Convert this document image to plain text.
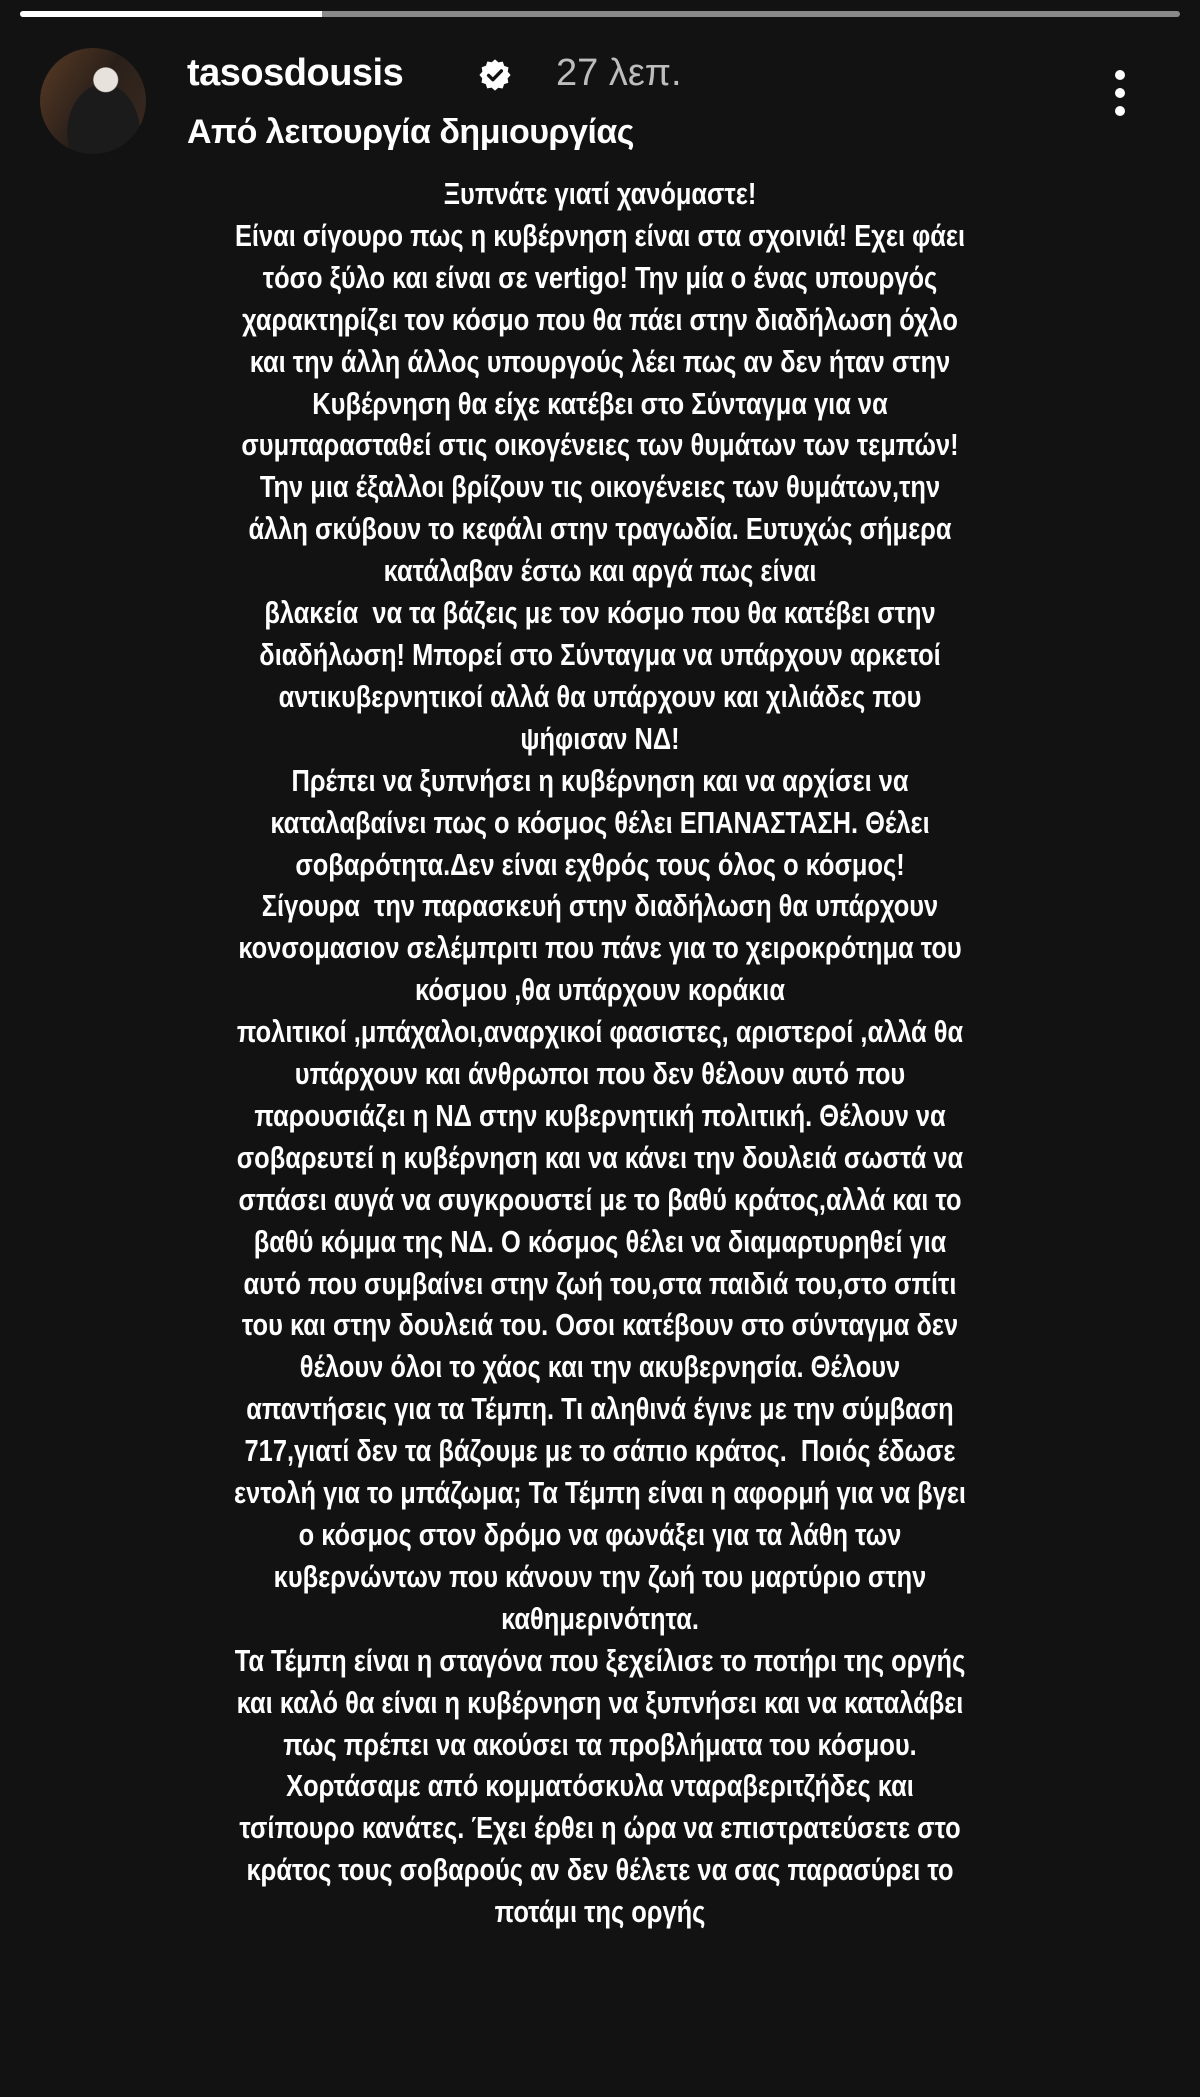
tasosdousis	27 λεπ.
Από λειτουργία δημιουργίας
Ξυπνάτε γιατί χανόμαστε!
Είναι σίγουρο πως η κυβέρνηση είναι στα σχοινιά! Εχει φάει
τόσο ξύλο και είναι σε vertigo! Την μία ο ένας υπουργός
χαρακτηρίζει τον κόσμο που θα πάει στην διαδήλωση όχλο
και την άλλη άλλος υπουργούς λέει πως αν δεν ήταν στην
Κυβέρνηση θα είχε κατέβει στο Σύνταγμα για να
συμπαρασταθεί στις οικογένειες των θυμάτων των τεμπών!
Την μια έξαλλοι βρίζουν τις οικογένειες των θυμάτων,την
άλλη σκύβουν το κεφάλι στην τραγωδία. Ευτυχώς σήμερα
κατάλαβαν έστω και αργά πως είναι
βλακεία  να τα βάζεις με τον κόσμο που θα κατέβει στην
διαδήλωση! Μπορεί στο Σύνταγμα να υπάρχουν αρκετοί
αντικυβερνητικοί αλλά θα υπάρχουν και χιλιάδες που
ψήφισαν ΝΔ!
Πρέπει να ξυπνήσει η κυβέρνηση και να αρχίσει να
καταλαβαίνει πως ο κόσμος θέλει ΕΠΑΝΑΣΤΑΣΗ. Θέλει
σοβαρότητα.Δεν είναι εχθρός τους όλος ο κόσμος!
Σίγουρα  την παρασκευή στην διαδήλωση θα υπάρχουν
κονσομασιον σελέμπριτι που πάνε για το χειροκρότημα του
κόσμου ,θα υπάρχουν κοράκια
πολιτικοί ,μπάχαλοι,αναρχικοί φασιστες, αριστεροί ,αλλά θα
υπάρχουν και άνθρωποι που δεν θέλουν αυτό που
παρουσιάζει η ΝΔ στην κυβερνητική πολιτική. Θέλουν να
σοβαρευτεί η κυβέρνηση και να κάνει την δουλειά σωστά να
σπάσει αυγά να συγκρουστεί με το βαθύ κράτος,αλλά και το
βαθύ κόμμα της ΝΔ. Ο κόσμος θέλει να διαμαρτυρηθεί για
αυτό που συμβαίνει στην ζωή του,στα παιδιά του,στο σπίτι
του και στην δουλειά του. Οσοι κατέβουν στο σύνταγμα δεν
θέλουν όλοι το χάος και την ακυβερνησία. Θέλουν
απαντήσεις για τα Τέμπη. Τι αληθινά έγινε με την σύμβαση
717,γιατί δεν τα βάζουμε με το σάπιο κράτος.  Ποιός έδωσε
εντολή για το μπάζωμα; Τα Τέμπη είναι η αφορμή για να βγει
ο κόσμος στον δρόμο να φωνάξει για τα λάθη των
κυβερνώντων που κάνουν την ζωή του μαρτύριο στην
καθημερινότητα.
Τα Τέμπη είναι η σταγόνα που ξεχείλισε το ποτήρι της οργής
και καλό θα είναι η κυβέρνηση να ξυπνήσει και να καταλάβει
πως πρέπει να ακούσει τα προβλήματα του κόσμου.
Χορτάσαμε από κομματόσκυλα νταραβεριτζήδες και
τσίπουρο κανάτες. Έχει έρθει η ώρα να επιστρατεύσετε στο
κράτος τους σοβαρούς αν δεν θέλετε να σας παρασύρει το
ποτάμι της οργής
